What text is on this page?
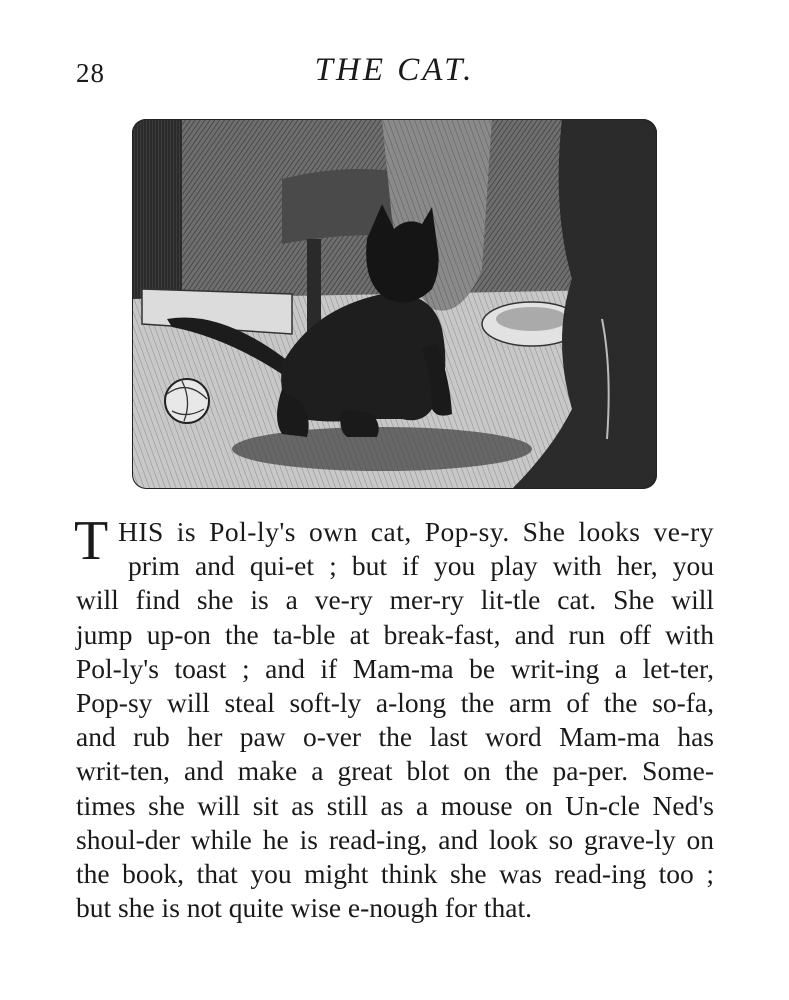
28	THE CAT.
T HIS is Pol-ly's own cat, Pop-sy. She looks ve-ry
prim and qui-et ; but if you play with her, you
will find she is a ve-ry mer-ry lit-tle cat. She will
jump up-on the ta-ble at break-fast, and run off with
Pol-ly's toast ; and if Mam-ma be writ-ing a let-ter,
Pop-sy will steal soft-ly a-long the arm of the so-fa,
and rub her paw o-ver the last word Mam-ma has
writ-ten, and make a great blot on the pa-per. Some-
times she will sit as still as a mouse on Un-cle Ned's
shoul-der while he is read-ing, and look so grave-ly on
the book, that you might think she was read-ing too ;
but she is not quite wise e-nough for that.
